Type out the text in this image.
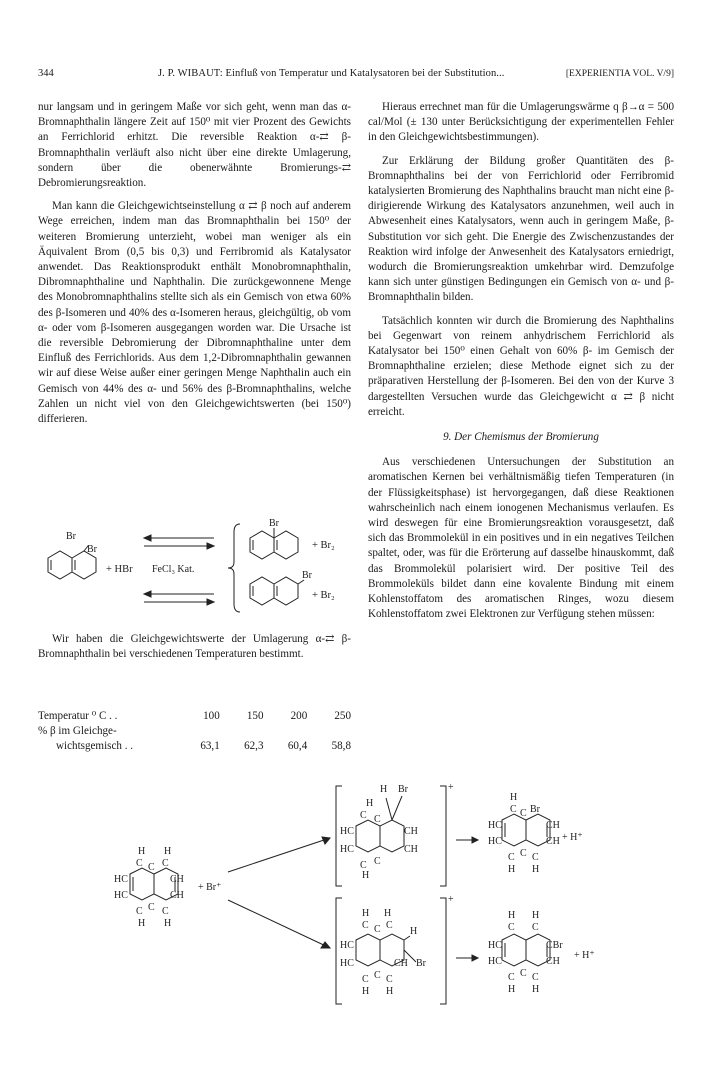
344	J. P. WIBAUT: Einfluß von Temperatur und Katalysatoren bei der Substitution...	[EXPERIENTIA VOL. V/9]

nur langsam und in geringem Maße vor sich geht, wenn man das α-Bromnaphthalin längere Zeit auf 150⁰ mit vier Prozent des Gewichts an Ferrichlorid erhitzt. Die reversible Reaktion α-⇄ β-Bromnaphthalin verläuft also nicht über eine direkte Umlagerung, sondern über die obenerwähnte Bromierungs-⇄ Debromierungsreaktion.

Man kann die Gleichgewichtseinstellung α ⇄ β noch auf anderem Wege erreichen, indem man das Bromnaphthalin bei 150⁰ der weiteren Bromierung unterzieht, wobei man weniger als ein Äquivalent Brom (0,5 bis 0,3) und Ferribromid als Katalysator anwendet. Das Reaktionsprodukt enthält Monobromnaphthalin, Dibromnaphthaline und Naphthalin. Die zurückgewonnene Menge des Monobromnaphthalins stellte sich als ein Gemisch von etwa 60% des β-Isomeren und 40% des α-Isomeren heraus, gleichgültig, ob vom α- oder vom β-Isomeren ausgegangen worden war. Die Ursache ist die reversible Debromierung der Dibromnaphthaline unter dem Einfluß des Ferrichlorids. Aus dem 1,2-Dibromnaphthalin gewannen wir auf diese Weise außer einer geringen Menge Naphthalin auch ein Gemisch von 44% des α- und 56% des β-Bromnaphthalins, welche Zahlen un nicht viel von den Gleichgewichtswerten (bei 150⁰) differieren.

Br
Br
+ HBr FeCl₃ Kat.
Br
+ Br₂
Br
+ Br₂

Wir haben die Gleichgewichtswerte der Umlagerung α-⇄ β-Bromnaphthalin bei verschiedenen Temperaturen bestimmt.

Temperatur ⁰ C . .	100	150	200	250
% β im Gleichge-				
wichtsgemisch . .	63,1	62,3	60,4	58,8

Hieraus errechnet man für die Umlagerungswärme q β→α = 500 cal/Mol (± 130 unter Berücksichtigung der experimentellen Fehler in den Gleichgewichtsbestimmungen).

Zur Erklärung der Bildung großer Quantitäten des β-Bromnaphthalins bei der von Ferrichlorid oder Ferribromid katalysierten Bromierung des Naphthalins braucht man nicht eine β-dirigierende Wirkung des Katalysators anzunehmen, weil auch in Abwesenheit eines Katalysators, wenn auch in geringem Maße, β-Substitution vor sich geht. Die Energie des Zwischenzustandes der Reaktion wird infolge der Anwesenheit des Katalysators erniedrigt, wodurch die Bromierungsreaktion umkehrbar wird. Demzufolge kann sich unter günstigen Bedingungen ein Gemisch von α- und β-Bromnaphthalin bilden.

Tatsächlich konnten wir durch die Bromierung des Naphthalins bei Gegenwart von reinem anhydrischem Ferrichlorid als Katalysator bei 150⁰ einen Gehalt von 60% β- im Gemisch der Bromnaphthaline erzielen; diese Methode eignet sich zu der präparativen Herstellung der β-Isomeren. Bei den von der Kurve 3 dargestellten Versuchen wurde das Gleichgewicht α ⇄ β nicht erreicht.

9. Der Chemismus der Bromierung

Aus verschiedenen Untersuchungen der Substitution an aromatischen Kernen bei verhältnismäßig tiefen Temperaturen (in der Flüssigkeitsphase) ist hervorgegangen, daß diese Reaktionen wahrscheinlich nach einem ionogenen Mechanismus verlaufen. Es wird deswegen für eine Bromierungsreaktion vorausgesetzt, daß sich das Brommolekül in ein positives und in ein negatives Teilchen spaltet, oder, was für die Erörterung auf dasselbe hinauskommt, daß das Brommolekül polarisiert wird. Der positive Teil des Brommoleküls bildet dann eine kovalente Bindung mit einem Kohlenstoffatom des aromatischen Ringes, wozu diesem Kohlenstoffatom zwei Elektronen zur Verfügung stehen müssen:

H H
C C C
HC	CH
HC	CH
C C C
H H
+ Br⁺
+
H Br
H
C C
HC	CH
HC	CH
C C
H
H
C Br
C
HC	CH
HC	CH
C C C
H H
+ H⁺
+
H H
C C C
H
HC
HC	CH Br
C C C
H H
H H
C C
HC	CBr
HC	CH
C C C
H H
+ H⁺
